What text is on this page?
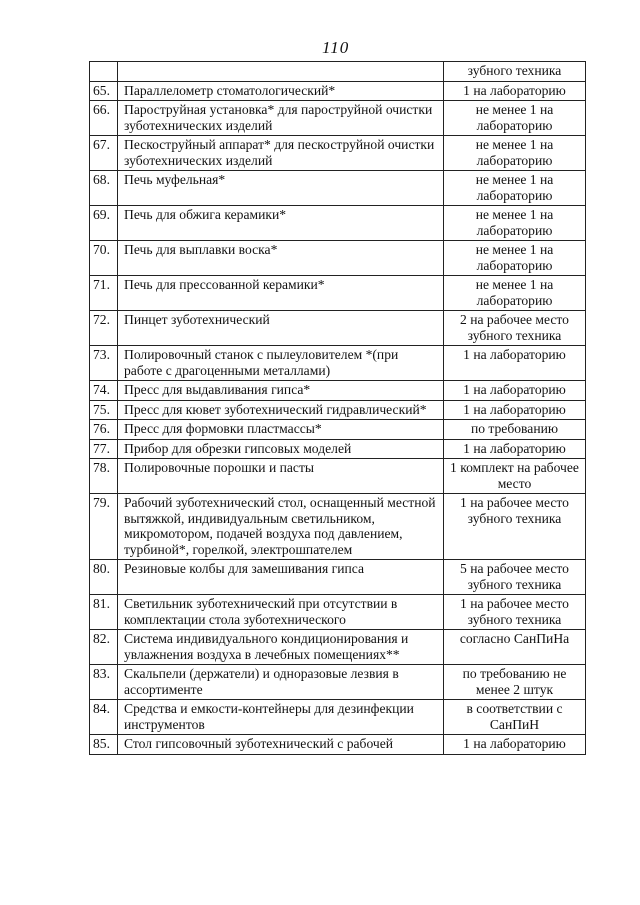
110
		зубного техника
65.	Параллелометр стоматологический*	1 на лабораторию
66.	Пароструйная установка* для пароструйной очистки зуботехнических изделий	не менее 1 на лабораторию
67.	Пескоструйный аппарат* для пескоструйной очистки зуботехнических изделий	не менее 1 на лабораторию
68.	Печь муфельная*	не менее 1 на лабораторию
69.	Печь для обжига керамики*	не менее 1 на лабораторию
70.	Печь для выплавки воска*	не менее 1 на лабораторию
71.	Печь для прессованной керамики*	не менее 1 на лабораторию
72.	Пинцет зуботехнический	2 на рабочее место зубного техника
73.	Полировочный станок с пылеуловителем *(при работе с драгоценными металлами)	1 на лабораторию
74.	Пресс для выдавливания гипса*	1 на лабораторию
75.	Пресс для кювет зуботехнический гидравлический*	1 на лабораторию
76.	Пресс для формовки пластмассы*	по требованию
77.	Прибор для обрезки гипсовых моделей	1 на лабораторию
78.	Полировочные порошки и пасты	1 комплект на рабочее место
79.	Рабочий зуботехнический стол, оснащенный местной вытяжкой, индивидуальным светильником, микромотором, подачей воздуха под давлением, турбиной*, горелкой, электрошпателем	1 на рабочее место зубного техника
80.	Резиновые колбы для замешивания гипса	5 на рабочее место зубного техника
81.	Светильник зуботехнический при отсутствии в комплектации стола зуботехнического	1 на рабочее место зубного техника
82.	Система индивидуального кондиционирования и увлажнения воздуха в лечебных помещениях**	согласно СанПиНа
83.	Скальпели (держатели) и одноразовые лезвия в ассортименте	по требованию не менее 2 штук
84.	Средства и емкости-контейнеры для дезинфекции инструментов	в соответствии с СанПиН
85.	Стол гипсовочный зуботехнический с рабочей	1 на лабораторию
